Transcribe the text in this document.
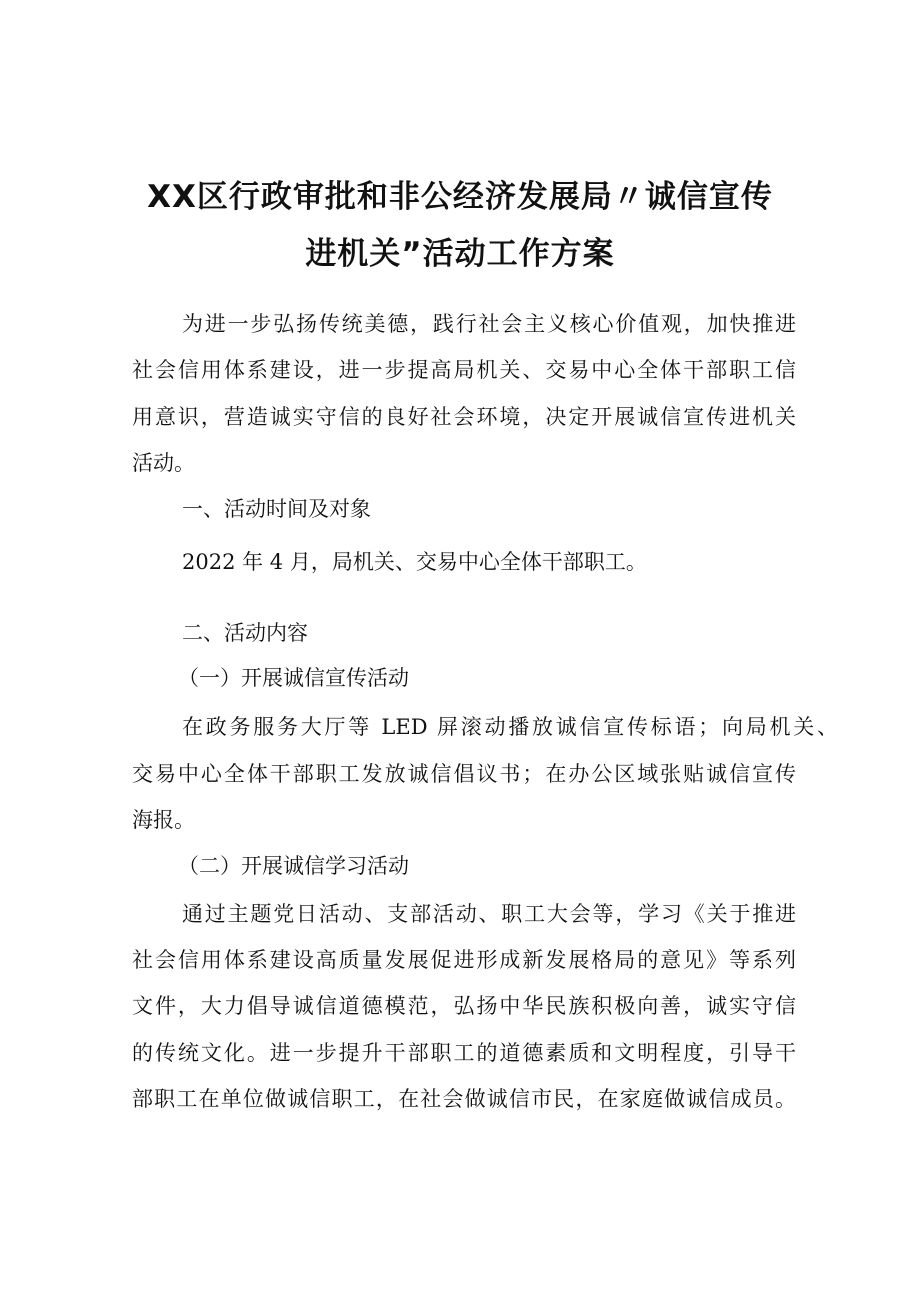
XX区行政审批和非公经济发展局〃诚信宣传
进机关”活动工作方案
为进一步弘扬传统美德，践行社会主义核心价值观，加快推进
社会信用体系建设，进一步提高局机关、交易中心全体干部职工信
用意识，营造诚实守信的良好社会环境，决定开展诚信宣传进机关
活动。
一、活动时间及对象
2022 年 4 月，局机关、交易中心全体干部职工。
二、活动内容
（一）开展诚信宣传活动
在政务服务大厅等 LED 屏滚动播放诚信宣传标语；向局机关、
交易中心全体干部职工发放诚信倡议书；在办公区域张贴诚信宣传
海报。
（二）开展诚信学习活动
通过主题党日活动、支部活动、职工大会等，学习《关于推进
社会信用体系建设高质量发展促进形成新发展格局的意见》等系列
文件，大力倡导诚信道德模范，弘扬中华民族积极向善，诚实守信
的传统文化。进一步提升干部职工的道德素质和文明程度，引导干
部职工在单位做诚信职工，在社会做诚信市民，在家庭做诚信成员。
